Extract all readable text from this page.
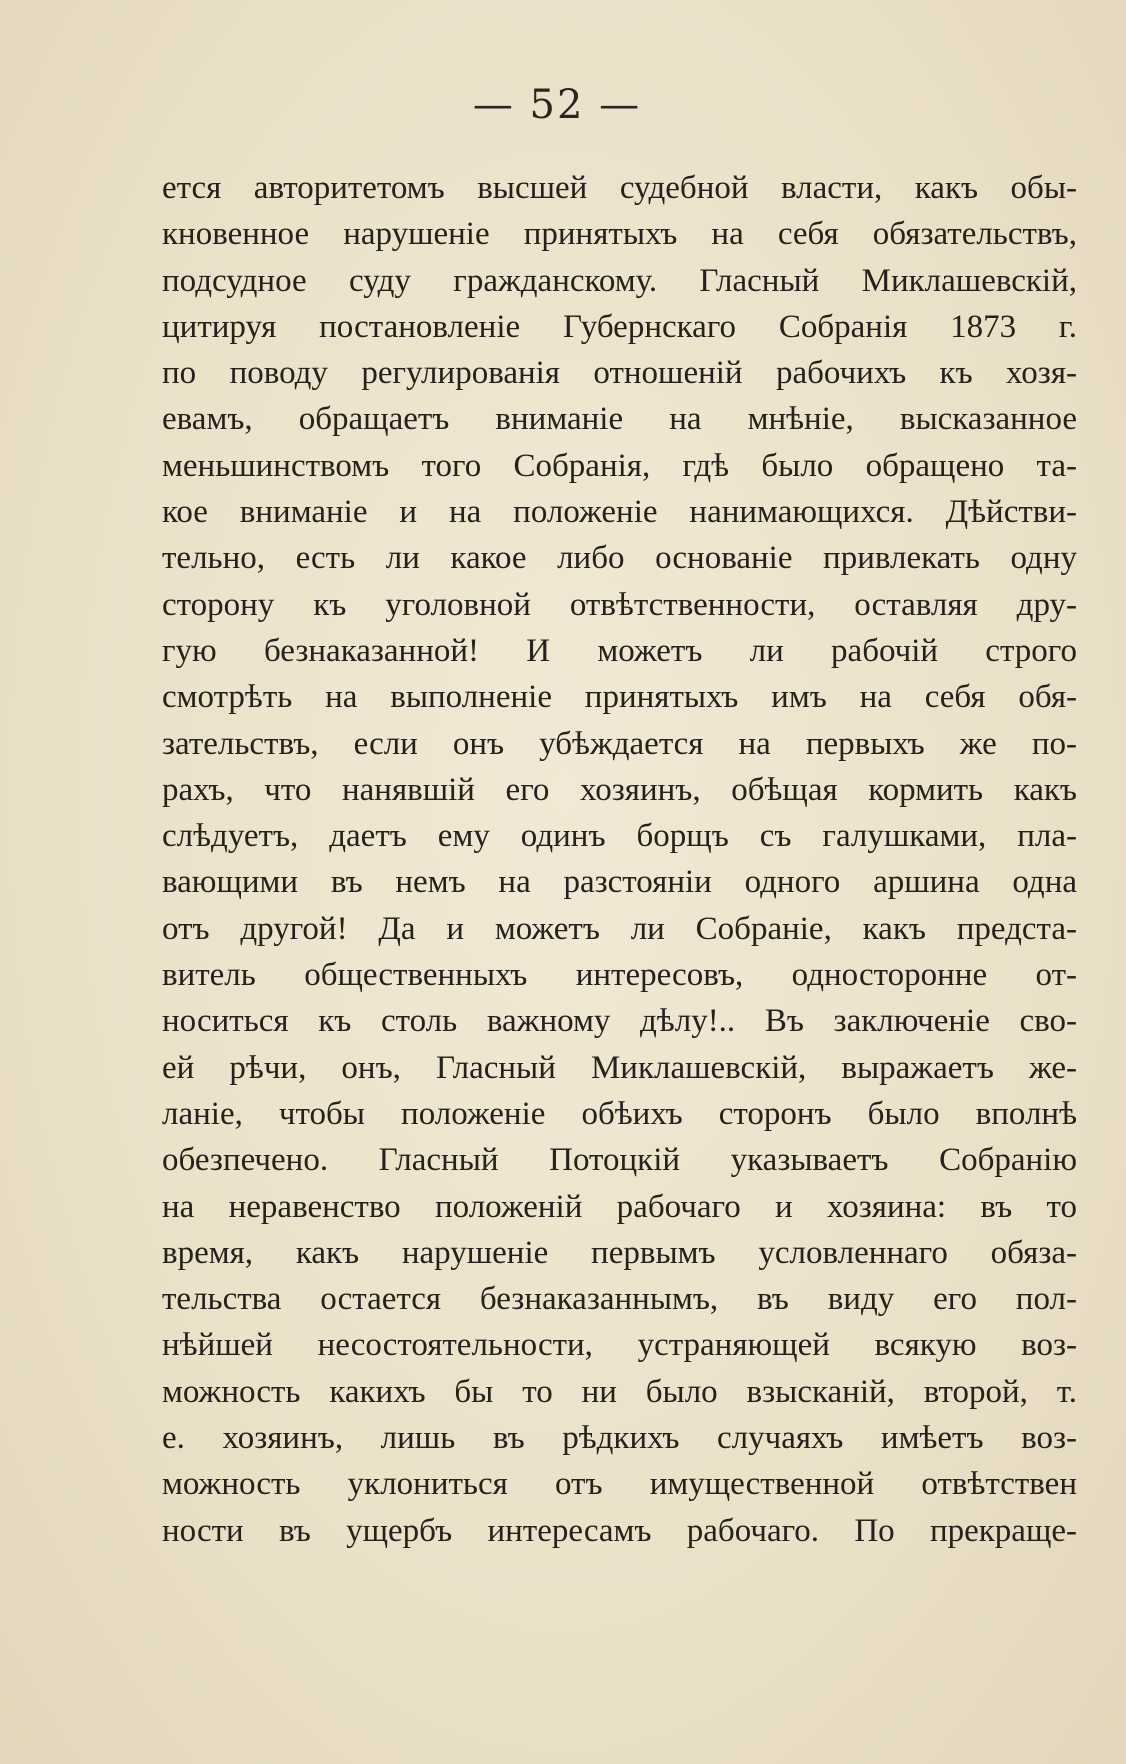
— 52 —
ется авторитетомъ высшей судебной власти, какъ обы-
кновенное нарушеніе принятыхъ на себя обязательствъ,
подсудное суду гражданскому. Гласный Миклашевскій,
цитируя постановленіе Губернскаго Собранія 1873 г.
по поводу регулированія отношеній рабочихъ къ хозя-
евамъ, обращаетъ вниманіе на мнѣніе, высказанное
меньшинствомъ того Собранія, гдѣ было обращено та-
кое вниманіе и на положеніе нанимающихся. Дѣйстви-
тельно, есть ли какое либо основаніе привлекать одну
сторону къ уголовной отвѣтственности, оставляя дру-
гую безнаказанной! И можетъ ли рабочій строго
смотрѣть на выполненіе принятыхъ имъ на себя обя-
зательствъ, если онъ убѣждается на первыхъ же по-
рахъ, что нанявшій его хозяинъ, обѣщая кормить какъ
слѣдуетъ, даетъ ему одинъ борщъ съ галушками, пла-
вающими въ немъ на разстояніи одного аршина одна
отъ другой! Да и можетъ ли Собраніе, какъ предста-
витель общественныхъ интересовъ, односторонне от-
носиться къ столь важному дѣлу!.. Въ заключеніе сво-
ей рѣчи, онъ, Гласный Миклашевскій, выражаетъ же-
ланіе, чтобы положеніе обѣихъ сторонъ было вполнѣ
обезпечено. Гласный Потоцкій указываетъ Собранію
на неравенство положеній рабочаго и хозяина: въ то
время, какъ нарушеніе первымъ условленнаго обяза-
тельства остается безнаказаннымъ, въ виду его пол-
нѣйшей несостоятельности, устраняющей всякую воз-
можность какихъ бы то ни было взысканій, второй, т.
е. хозяинъ, лишь въ рѣдкихъ случаяхъ имѣетъ воз-
можность уклониться отъ имущественной отвѣтствен
ности въ ущербъ интересамъ рабочаго. По прекраще-
